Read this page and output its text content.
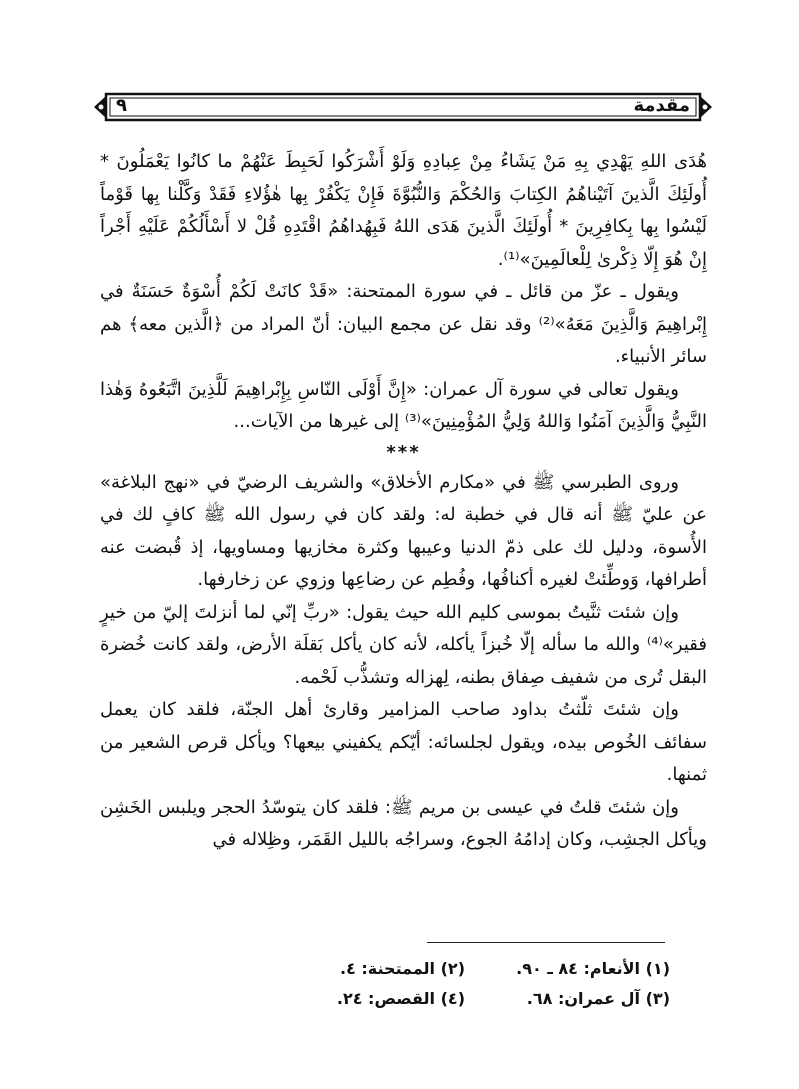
مقدمة
٩

هُدَى اللهِ يَهْدِي بِهِ مَنْ يَشَاءُ مِنْ عِبادِهِ وَلَوْ أَشْرَكُوا لَحَبِطَ عَنْهُمْ ما كانُوا يَعْمَلُونَ * أُولَئِكَ الَّذينَ آتَيْناهُمُ الكِتابَ وَالحُكْمَ وَالنُّبُوَّةَ فَإِنْ يَكْفُرْ بِها هٰؤُلاءِ فَقَدْ وَكَّلْنا بِها قَوْماً لَيْسُوا بِها بِكافِرِينَ * أُولَئِكَ الَّذينَ هَدَى اللهُ فَبِهُداهُمُ اقْتَدِهِ قُلْ لا أَسْأَلُكُمْ عَلَيْهِ أَجْراً إِنْ هُوَ إِلّا ذِكْرىٰ لِلْعالَمِينَ»⁽¹⁾.

ويقول ـ عزّ من قائل ـ في سورة الممتحنة: «قَدْ كانَتْ لَكُمْ أُسْوَةٌ حَسَنَةٌ في إِبْراهِيمَ وَالَّذِينَ مَعَهُ»⁽²⁾ وقد نقل عن مجمع البيان: أنّ المراد من ﴿الَّذين معه﴾ هم سائر الأنبياء.

ويقول تعالى في سورة آل عمران: «إِنَّ أَوْلَى النّاسِ بِإِبْراهِيمَ لَلَّذِينَ اتَّبَعُوهُ وَهٰذا النَّبِيُّ وَالَّذِينَ آمَنُوا وَاللهُ وَلِيُّ المُؤْمِنِينَ»⁽³⁾ إلى غيرها من الآيات...

***

وروى الطبرسي ﷺ في «مكارم الأخلاق» والشريف الرضيّ في «نهج البلاغة» عن عليّ ﷺ أنه قال في خطبة له: ولقد كان في رسول الله ﷺ كافٍ لك في الأُسوة، ودليل لك على ذمّ الدنيا وعيبها وكثرة مخازيها ومساويها، إذ قُبضت عنه أطرافها، وَوطِّئتْ لغيره أكنافُها، وفُطِم عن رضاعِها وزوي عن زخارفها.

وإن شئت ثنَّيتُ بموسى كليم الله حيث يقول: «ربِّ إنّي لما أنزلتَ إليّ من خيرٍ فقير»⁽⁴⁾ والله ما سأله إلّا خُبزاً يأكله، لأنه كان يأكل بَقلَة الأرض، ولقد كانت خُضرة البقل تُرى من شفيف صِفاق بطنه، لِهزاله وتشذُّب لَحْمه.

وإن شئتَ ثلّثتُ بداود صاحب المزامير وقارئ أهل الجنّة، فلقد كان يعمل سفائف الخُوص بيده، ويقول لجلسائه: أيّكم يكفيني بيعها؟ ويأكل قرص الشعير من ثمنها.

وإن شئتَ قلتُ في عيسى بن مريم ﷺ: فلقد كان يتوسّدُ الحجر ويلبس الخَشِن ويأكل الجشِب، وكان إدامُهُ الجوع، وسراجُه بالليل القَمَر، وظِلاله في

(١) الأنعام: ٨٤ ـ ٩٠.
(٢) الممتحنة: ٤.
(٣) آل عمران: ٦٨.
(٤) القصص: ٢٤.
